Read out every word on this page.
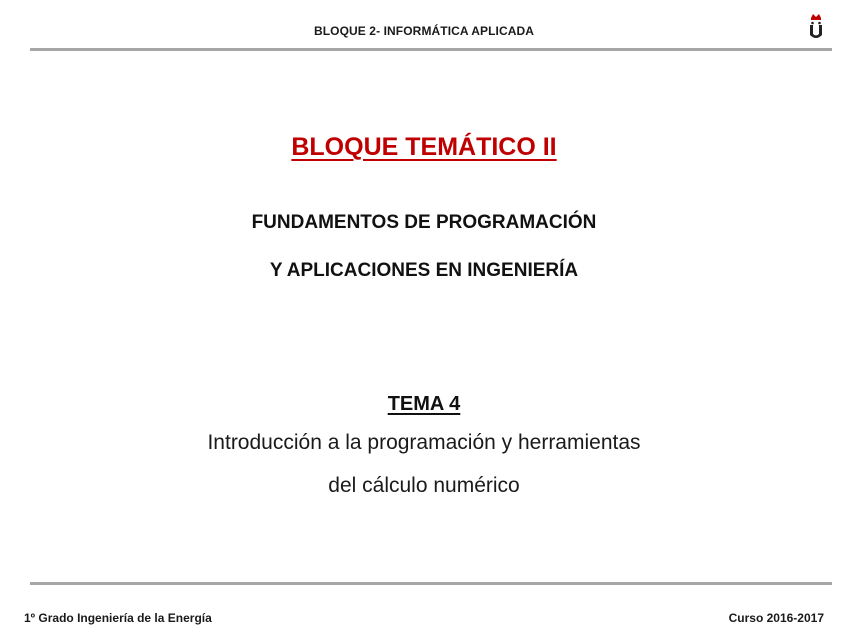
BLOQUE 2- INFORMÁTICA APLICADA
BLOQUE TEMÁTICO II
FUNDAMENTOS DE PROGRAMACIÓN
Y APLICACIONES EN INGENIERÍA
TEMA 4
Introducción a la programación y herramientas
del cálculo numérico
1º Grado Ingeniería de la Energía	Curso 2016-2017
